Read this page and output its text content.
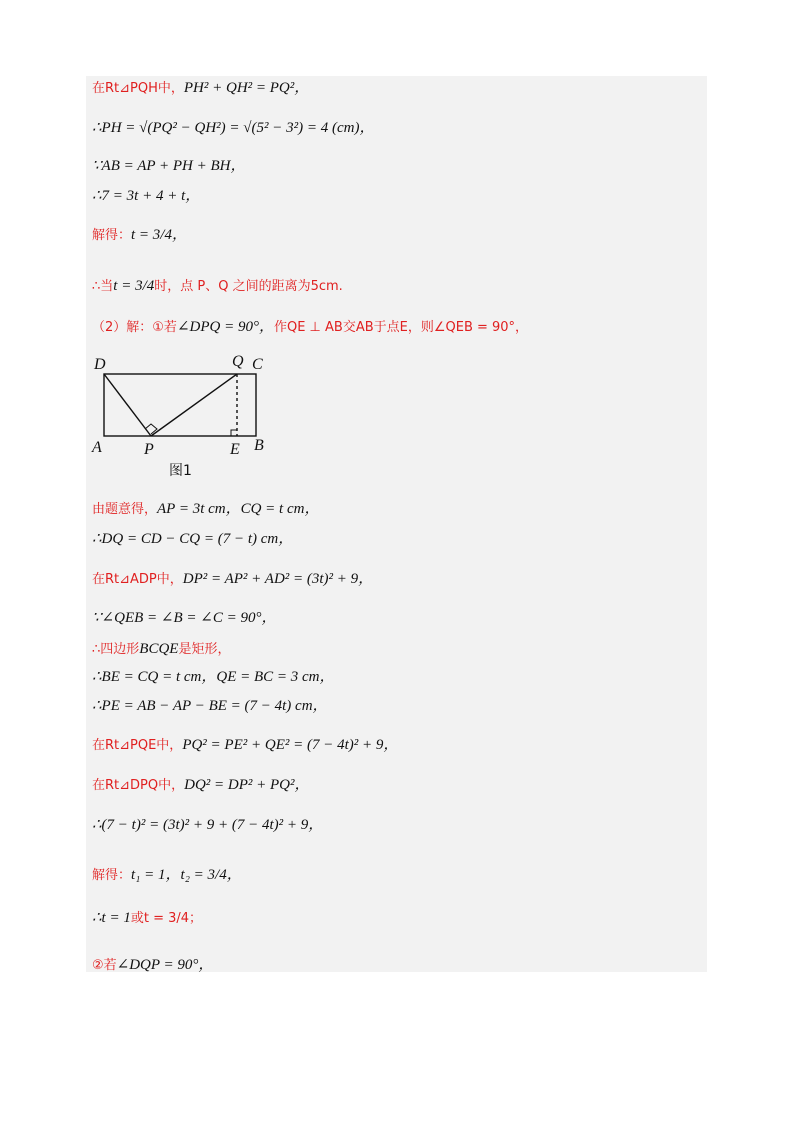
在Rt⊿PQH中，PH² + QH² = PQ²，
∴PH = √(PQ² − QH²) = √(5² − 3²) = 4 (cm)，
∵AB = AP + PH + BH，
∴7 = 3t + 4 + t，
解得：t = 3/4，
∴当t = 3/4时，点 P、Q 之间的距离为5cm.
（2）解：①若∠DPQ = 90°，作QE ⊥ AB交AB于点E，则∠QEB = 90°，
由题意得，AP = 3t cm，CQ = t cm，
∴DQ = CD − CQ = (7 − t) cm，
在Rt⊿ADP中，DP² = AP² + AD² = (3t)² + 9，
∵∠QEB = ∠B = ∠C = 90°，
∴四边形BCQE是矩形，
∴BE = CQ = t cm，QE = BC = 3 cm，
∴PE = AB − AP − BE = (7 − 4t) cm，
在Rt⊿PQE中，PQ² = PE² + QE² = (7 − 4t)² + 9，
在Rt⊿DPQ中，DQ² = DP² + PQ²，
∴(7 − t)² = (3t)² + 9 + (7 − 4t)² + 9，
解得：t₁ = 1，t₂ = 3/4，
∴t = 1或t = 3/4；
②若∠DQP = 90°，
D	Q C
A	P	E B
图1
